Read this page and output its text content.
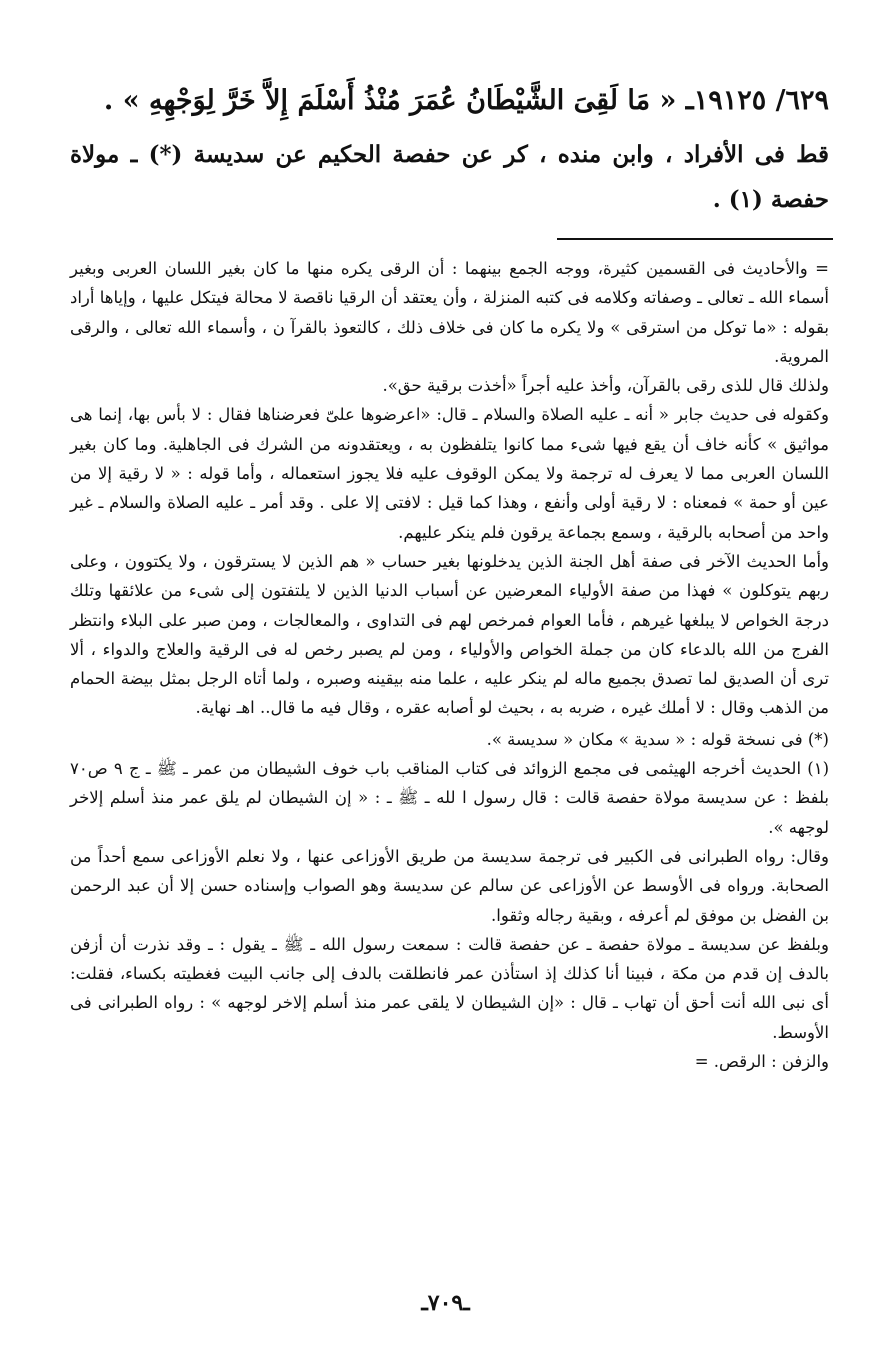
٦٢٩/ ١٩١٢٥ـ « مَا لَقِىَ الشَّيْطَانُ عُمَرَ مُنْذُ أَسْلَمَ إِلاَّ خَرَّ لِوَجْهِهِ » .

قط فى الأفراد ، وابن منده ، كر عن حفصة الحكيم عن سديسة (*) ـ مولاة حفصة (١) .

= والأحاديث فى القسمين كثيرة، ووجه الجمع بينهما : أن الرقى يكره منها ما كان بغير اللسان العربى وبغير أسماء الله ـ تعالى ـ وصفاته وكلامه فى كتبه المنزلة ، وأن يعتقد أن الرقيا ناقصة لا محالة فيتكل عليها ، وإياها أراد بقوله : «ما توكل من استرقى » ولا يكره ما كان فى خلاف ذلك ، كالتعوذ بالقرآ ن ، وأسماء الله تعالى ، والرقى المروية.

ولذلك قال للذى رقى بالقرآن، وأخذ عليه أجراً «أخذت برقية حق».

وكقوله فى حديث جابر « أنه ـ عليه الصلاة والسلام ـ قال: «اعرضوها علىّ فعرضناها فقال : لا بأس بها، إنما هى مواثيق » كأنه خاف أن يقع فيها شىء مما كانوا يتلفظون به ، ويعتقدونه من الشرك فى الجاهلية. وما كان بغير اللسان العربى مما لا يعرف له ترجمة ولا يمكن الوقوف عليه فلا يجوز استعماله ، وأما قوله : « لا رقية إلا من عين أو حمة » فمعناه : لا رقية أولى وأنفع ، وهذا كما قيل : لافتى إلا على . وقد أمر ـ عليه الصلاة والسلام ـ غير واحد من أصحابه بالرقية ، وسمع بجماعة يرقون فلم ينكر عليهم.

وأما الحديث الآخر فى صفة أهل الجنة الذين يدخلونها بغير حساب « هم الذين لا يسترقون ، ولا يكتوون ، وعلى ربهم يتوكلون » فهذا من صفة الأولياء المعرضين عن أسباب الدنيا الذين لا يلتفتون إلى شىء من علائقها وتلك درجة الخواص لا يبلغها غيرهم ، فأما العوام فمرخص لهم فى التداوى ، والمعالجات ، ومن صبر على البلاء وانتظر الفرج من الله بالدعاء كان من جملة الخواص والأولياء ، ومن لم يصبر رخص له فى الرقية والعلاج والدواء ، ألا ترى أن الصديق لما تصدق بجميع ماله لم ينكر عليه ، علما منه بيقينه وصبره ، ولما أتاه الرجل بمثل بيضة الحمام من الذهب وقال : لا أملك غيره ، ضربه به ، بحيث لو أصابه عقره ، وقال فيه ما قال.. اهـ نهاية.

(*) فى نسخة قوله : « سدية » مكان « سديسة ».

(١) الحديث أخرجه الهيثمى فى مجمع الزوائد فى كتاب المناقب باب خوف الشيطان من عمر ـ ﷺ ـ ج ٩ ص٧٠ بلفظ : عن سديسة مولاة حفصة قالت : قال رسول ا لله ـ ﷺ ـ : « إن الشيطان لم يلق عمر منذ أسلم إلاخر لوجهه ».

وقال: رواه الطبرانى فى الكبير فى ترجمة سديسة من طريق الأوزاعى عنها ، ولا نعلم الأوزاعى سمع أحداً من الصحابة. ورواه فى الأوسط عن الأوزاعى عن سالم عن سديسة وهو الصواب وإسناده حسن إلا أن عبد الرحمن بن الفضل بن موفق لم أعرفه ، وبقية رجاله وثقوا.

وبلفظ عن سديسة ـ مولاة حفصة ـ عن حفصة قالت : سمعت رسول الله ـ ﷺ ـ يقول : ـ وقد نذرت أن أزفن بالدف إن قدم من مكة ، فبينا أنا كذلك إذ استأذن عمر فانطلقت بالدف إلى جانب البيت فغطيته بكساء، فقلت: أى نبى الله أنت أحق أن تهاب ـ قال : «إن الشيطان لا يلقى عمر منذ أسلم إلاخر لوجهه » : رواه الطبرانى فى الأوسط.

والزفن : الرقص. =

ـ٧٠٩ـ
